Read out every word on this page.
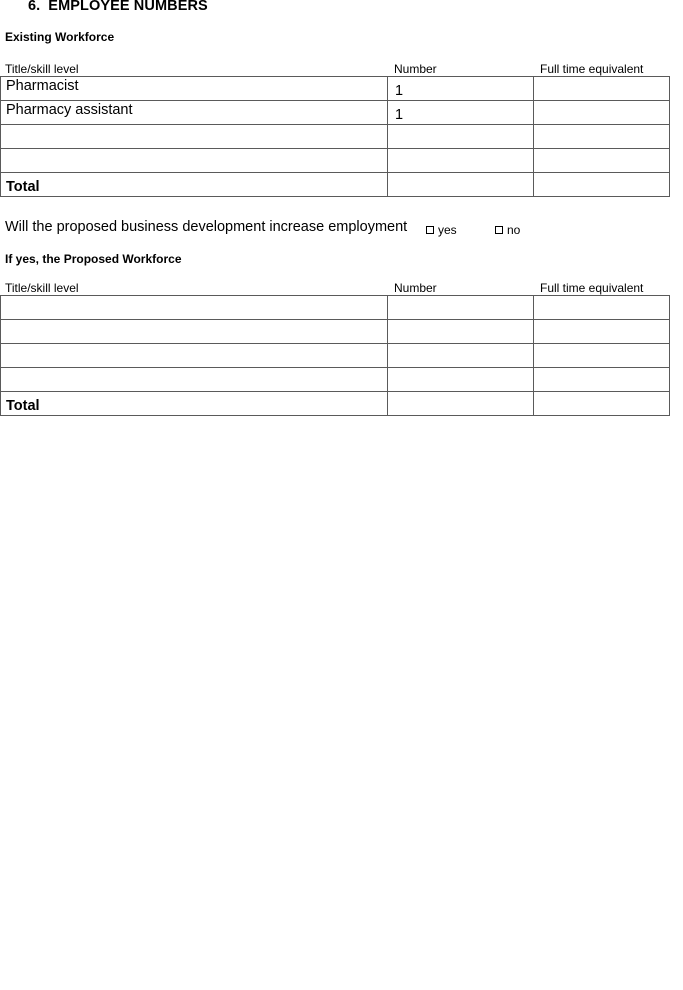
6. EMPLOYEE NUMBERS
Existing Workforce
Title/skill level	Number	Full time equivalent
Pharmacist	1	
Pharmacy assistant	1	

Total		
Will the proposed business development increase employment	yes	no
If yes, the Proposed Workforce
Title/skill level	Number	Full time equivalent

Total		
